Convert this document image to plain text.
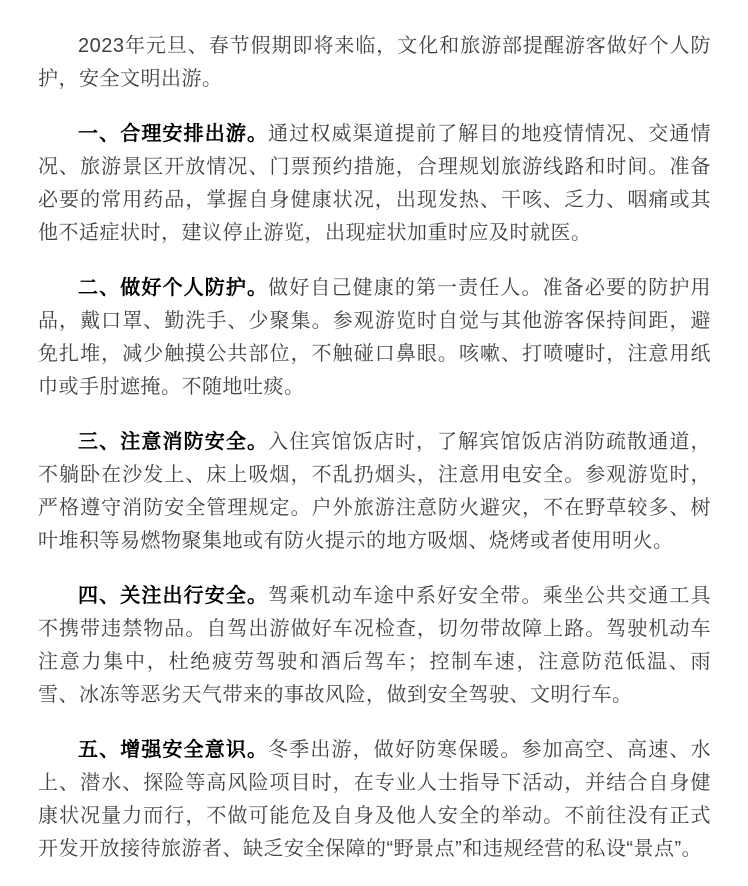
2023年元旦、春节假期即将来临，文化和旅游部提醒游客做好个人防护，安全文明出游。

一、合理安排出游。通过权威渠道提前了解目的地疫情情况、交通情况、旅游景区开放情况、门票预约措施，合理规划旅游线路和时间。准备必要的常用药品，掌握自身健康状况，出现发热、干咳、乏力、咽痛或其他不适症状时，建议停止游览，出现症状加重时应及时就医。

二、做好个人防护。做好自己健康的第一责任人。准备必要的防护用品，戴口罩、勤洗手、少聚集。参观游览时自觉与其他游客保持间距，避免扎堆，减少触摸公共部位，不触碰口鼻眼。咳嗽、打喷嚏时，注意用纸巾或手肘遮掩。不随地吐痰。

三、注意消防安全。入住宾馆饭店时，了解宾馆饭店消防疏散通道，不躺卧在沙发上、床上吸烟，不乱扔烟头，注意用电安全。参观游览时，严格遵守消防安全管理规定。户外旅游注意防火避灾，不在野草较多、树叶堆积等易燃物聚集地或有防火提示的地方吸烟、烧烤或者使用明火。

四、关注出行安全。驾乘机动车途中系好安全带。乘坐公共交通工具不携带违禁物品。自驾出游做好车况检查，切勿带故障上路。驾驶机动车注意力集中，杜绝疲劳驾驶和酒后驾车；控制车速，注意防范低温、雨雪、冰冻等恶劣天气带来的事故风险，做到安全驾驶、文明行车。

五、增强安全意识。冬季出游，做好防寒保暖。参加高空、高速、水上、潜水、探险等高风险项目时，在专业人士指导下活动，并结合自身健康状况量力而行，不做可能危及自身及他人安全的举动。不前往没有正式开发开放接待旅游者、缺乏安全保障的“野景点”和违规经营的私设“景点”。
